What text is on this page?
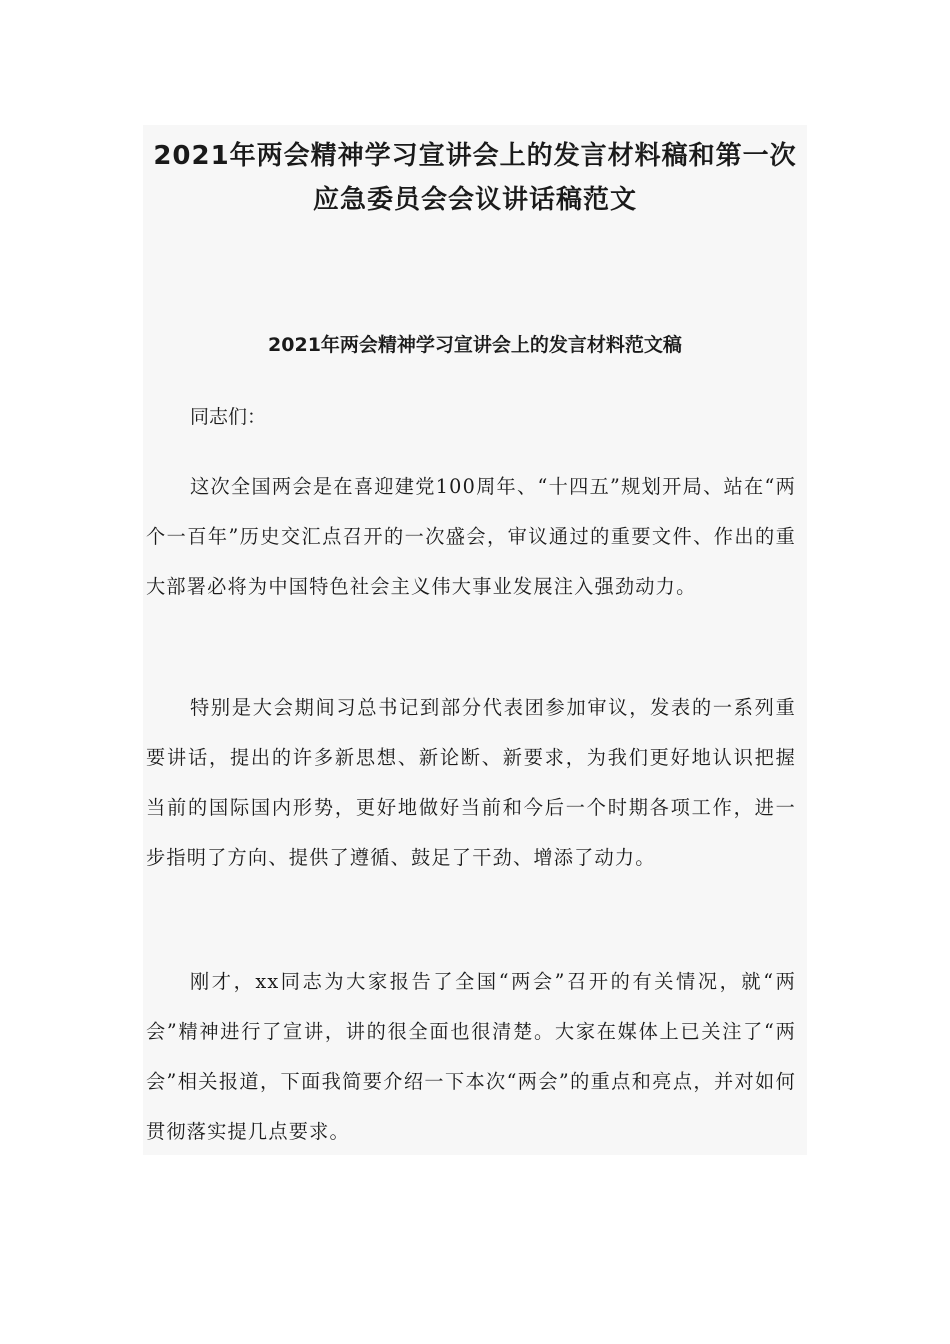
2021年两会精神学习宣讲会上的发言材料稿和第一次应急委员会会议讲话稿范文
2021年两会精神学习宣讲会上的发言材料范文稿

同志们：

这次全国两会是在喜迎建党100周年、“十四五”规划开局、站在“两个一百年”历史交汇点召开的一次盛会，审议通过的重要文件、作出的重大部署必将为中国特色社会主义伟大事业发展注入强劲动力。

特别是大会期间习总书记到部分代表团参加审议，发表的一系列重要讲话，提出的许多新思想、新论断、新要求，为我们更好地认识把握当前的国际国内形势，更好地做好当前和今后一个时期各项工作，进一步指明了方向、提供了遵循、鼓足了干劲、增添了动力。

刚才，xx同志为大家报告了全国“两会”召开的有关情况，就“两会”精神进行了宣讲，讲的很全面也很清楚。大家在媒体上已关注了“两会”相关报道，下面我简要介绍一下本次“两会”的重点和亮点，并对如何贯彻落实提几点要求。
